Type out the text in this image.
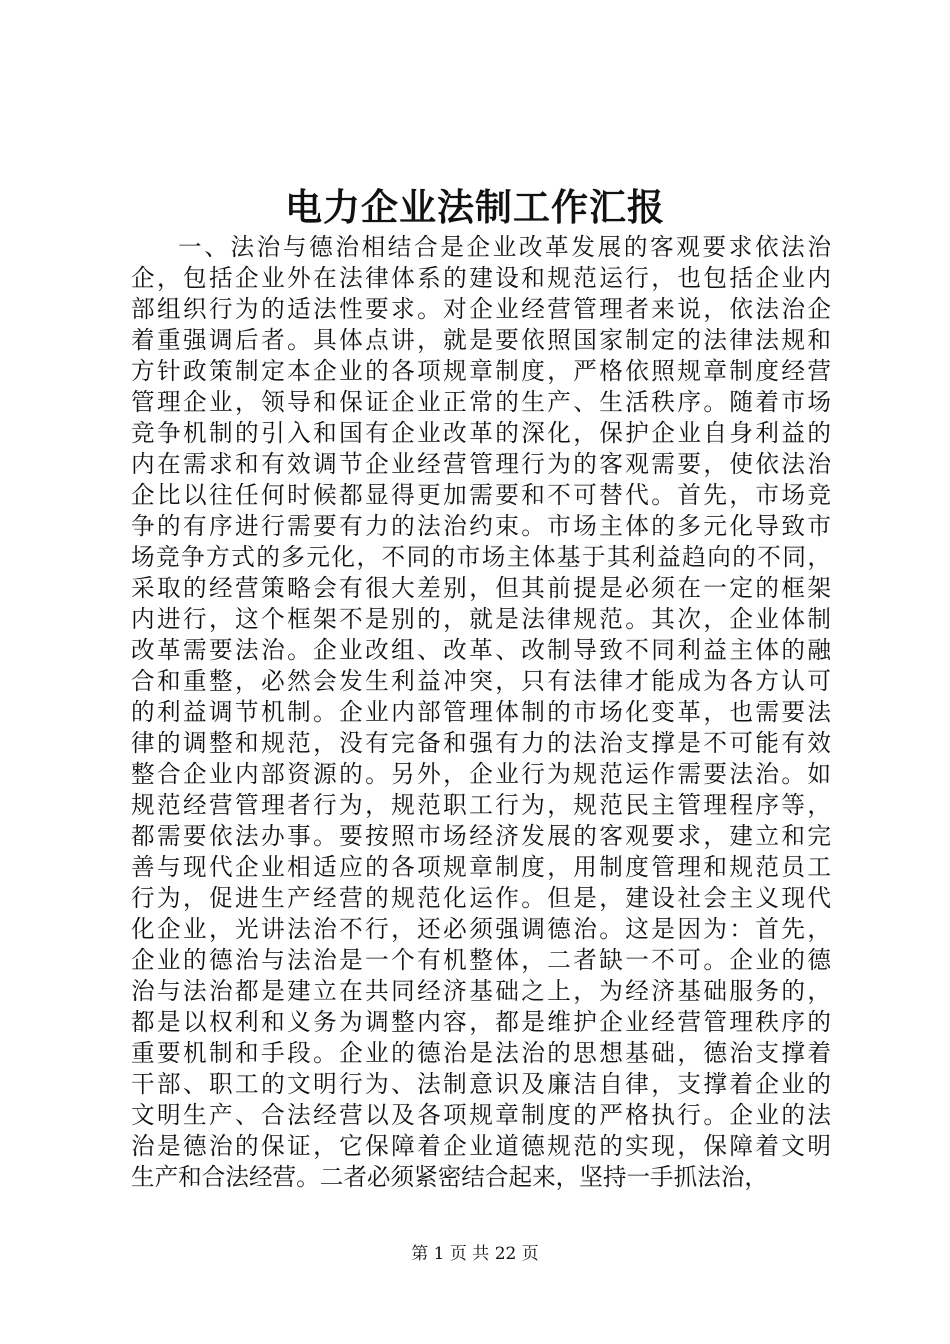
电力企业法制工作汇报
一、法治与德治相结合是企业改革发展的客观要求依法治
企，包括企业外在法律体系的建设和规范运行，也包括企业内
部组织行为的适法性要求。对企业经营管理者来说，依法治企
着重强调后者。具体点讲，就是要依照国家制定的法律法规和
方针政策制定本企业的各项规章制度，严格依照规章制度经营
管理企业，领导和保证企业正常的生产、生活秩序。随着市场
竞争机制的引入和国有企业改革的深化，保护企业自身利益的
内在需求和有效调节企业经营管理行为的客观需要，使依法治
企比以往任何时候都显得更加需要和不可替代。首先，市场竞
争的有序进行需要有力的法治约束。市场主体的多元化导致市
场竞争方式的多元化，不同的市场主体基于其利益趋向的不同，
采取的经营策略会有很大差别，但其前提是必须在一定的框架
内进行，这个框架不是别的，就是法律规范。其次，企业体制
改革需要法治。企业改组、改革、改制导致不同利益主体的融
合和重整，必然会发生利益冲突，只有法律才能成为各方认可
的利益调节机制。企业内部管理体制的市场化变革，也需要法
律的调整和规范，没有完备和强有力的法治支撑是不可能有效
整合企业内部资源的。另外，企业行为规范运作需要法治。如
规范经营管理者行为，规范职工行为，规范民主管理程序等，
都需要依法办事。要按照市场经济发展的客观要求，建立和完
善与现代企业相适应的各项规章制度，用制度管理和规范员工
行为，促进生产经营的规范化运作。但是，建设社会主义现代
化企业，光讲法治不行，还必须强调德治。这是因为：首先，
企业的德治与法治是一个有机整体，二者缺一不可。企业的德
治与法治都是建立在共同经济基础之上，为经济基础服务的，
都是以权利和义务为调整内容，都是维护企业经营管理秩序的
重要机制和手段。企业的德治是法治的思想基础，德治支撑着
干部、职工的文明行为、法制意识及廉洁自律，支撑着企业的
文明生产、合法经营以及各项规章制度的严格执行。企业的法
治是德治的保证，它保障着企业道德规范的实现，保障着文明
生产和合法经营。二者必须紧密结合起来，坚持一手抓法治，
第 1 页 共 22 页
